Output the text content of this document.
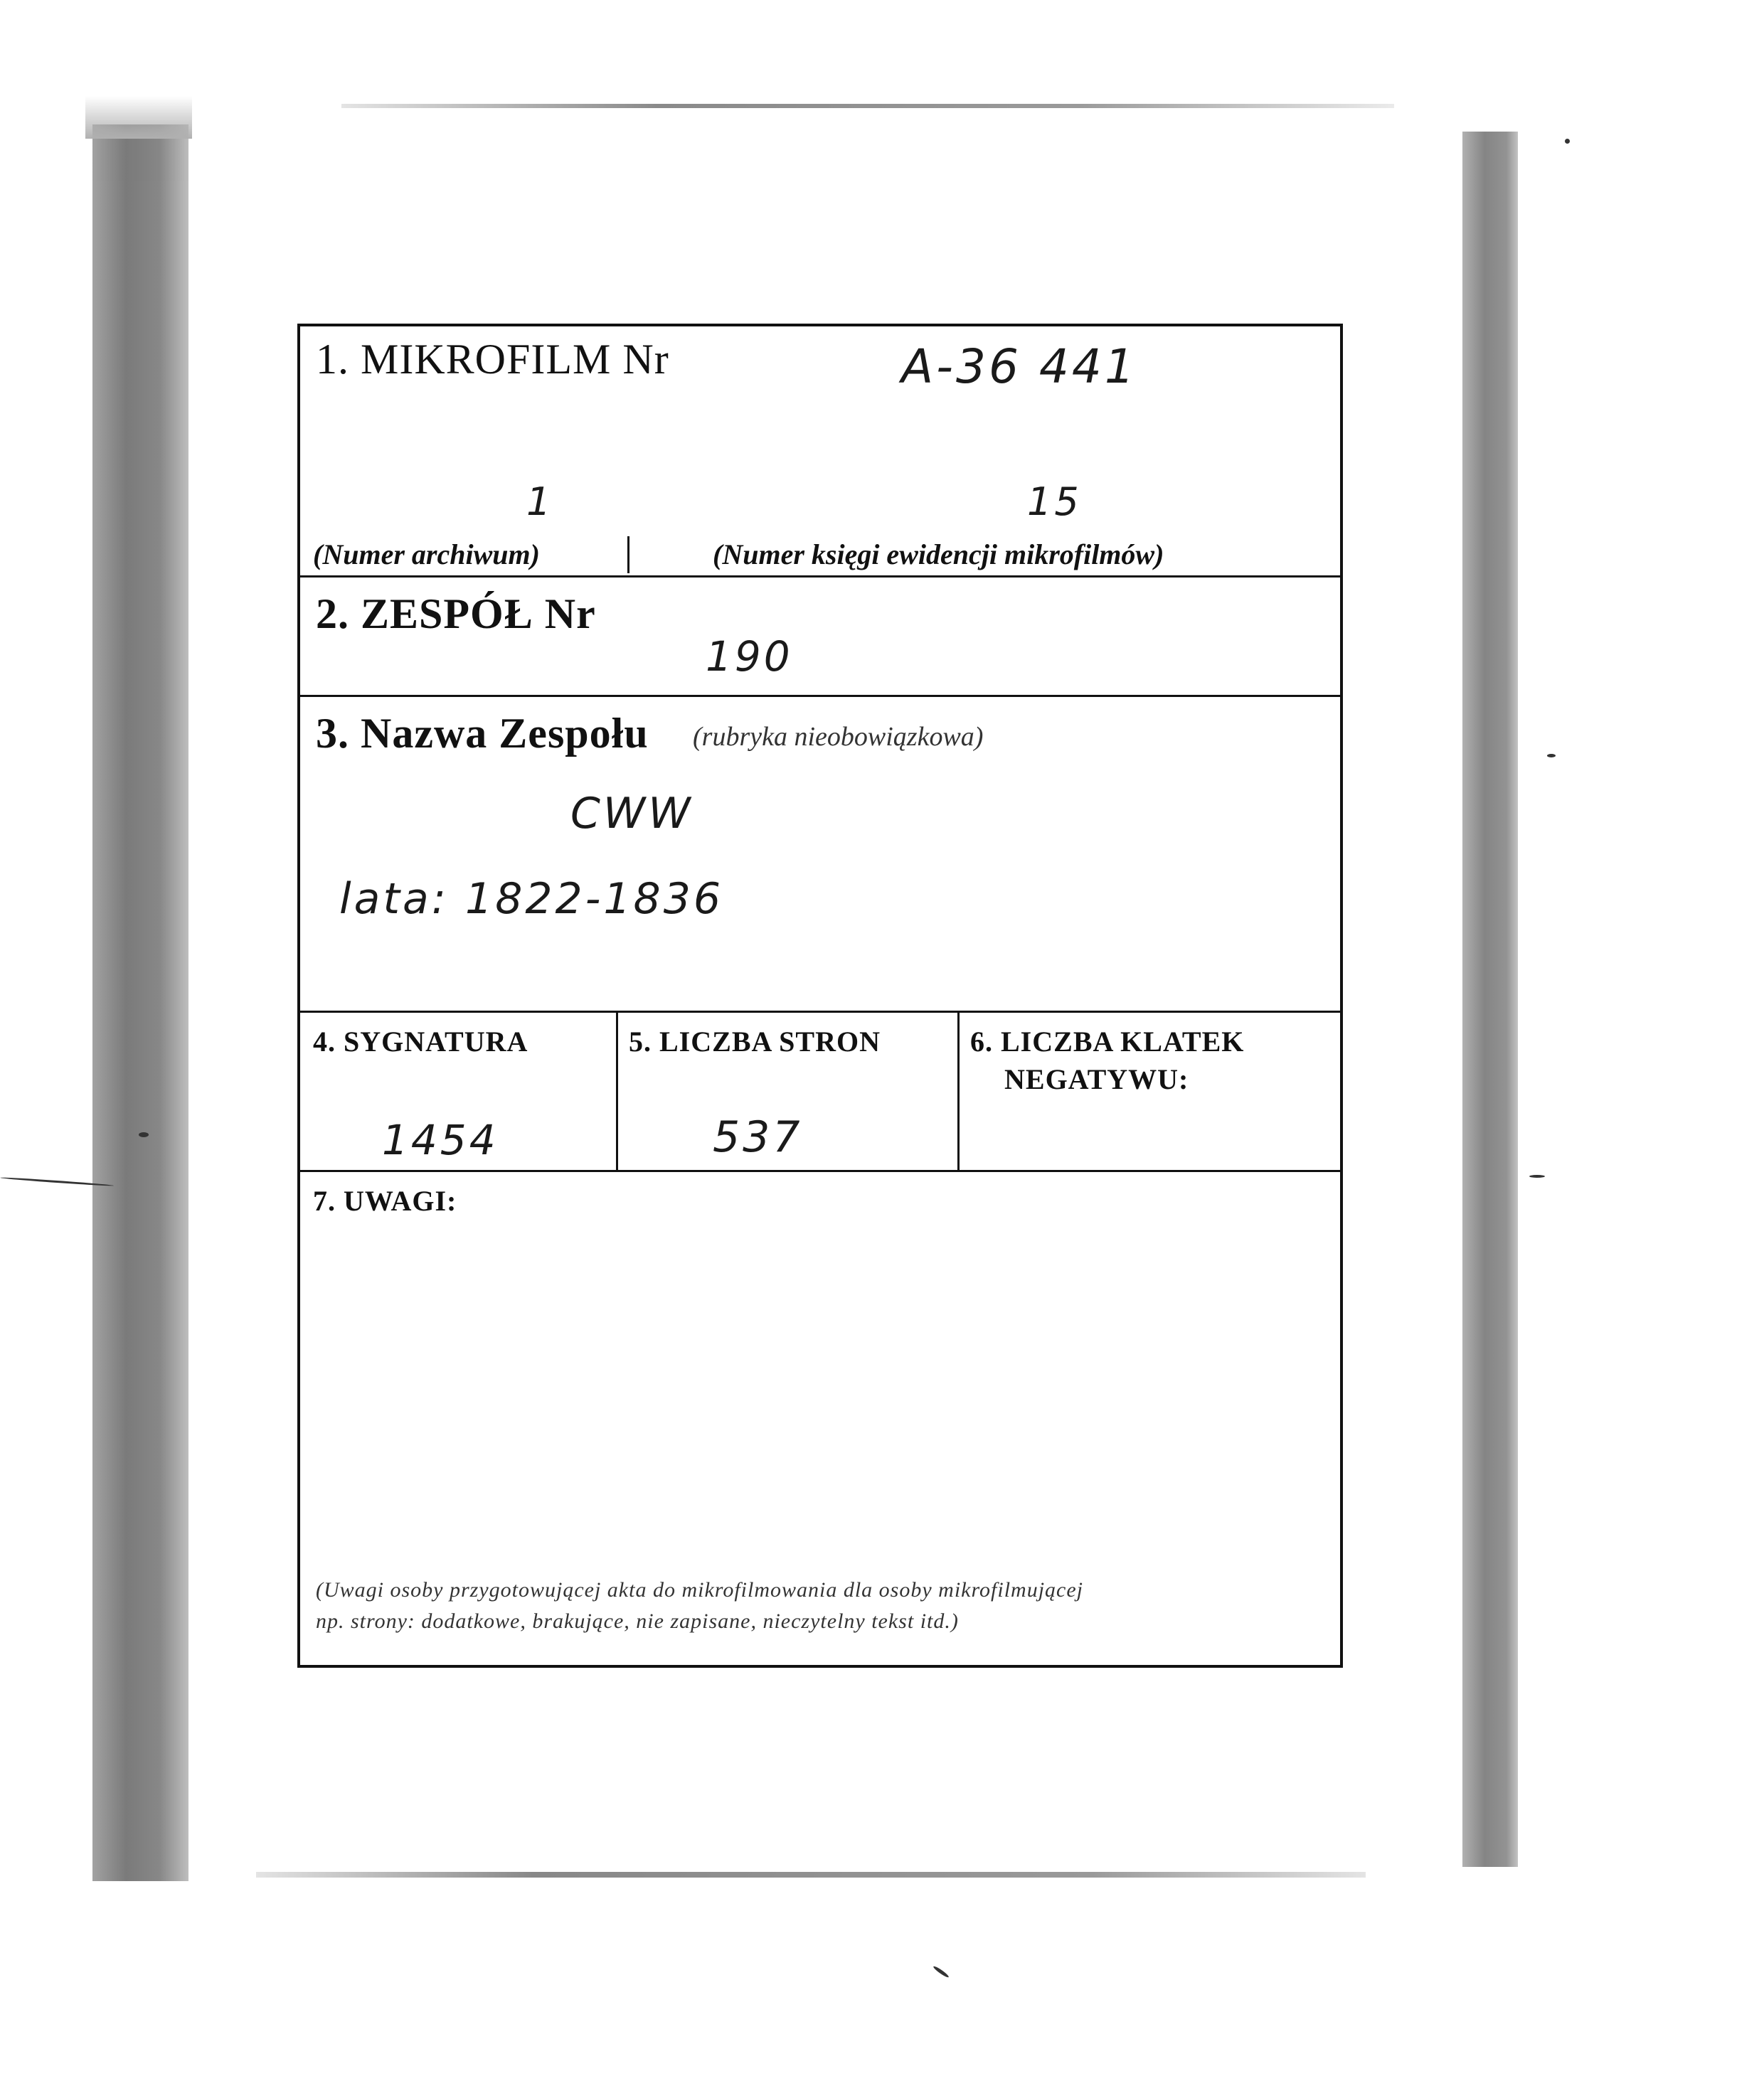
1. MIKROFILM Nr	A-36 441
1	15
(Numer archiwum)	(Numer księgi ewidencji mikrofilmów)
2. ZESPÓŁ Nr
190
3. Nazwa Zespołu (rubryka nieobowiązkowa)
CWW
lata: 1822-1836
4. SYGNATURA
1454
5. LICZBA STRON
537
6. LICZBA KLATEK
NEGATYWU:
7. UWAGI:
(Uwagi osoby przygotowującej akta do mikrofilmowania dla osoby mikrofilmującej
np. strony: dodatkowe, brakujące, nie zapisane, nieczytelny tekst itd.)
